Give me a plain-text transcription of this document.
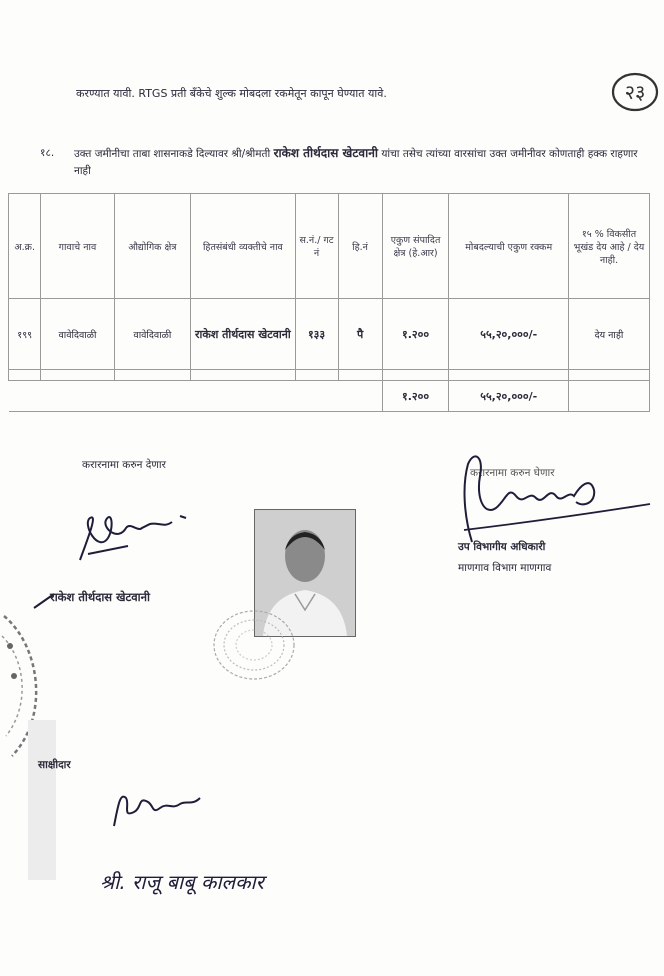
करण्यात यावी. RTGS प्रती बँकेचे शुल्क मोबदला रकमेतून कापून घेण्यात यावे.	२३
१८. उक्त जमीनीचा ताबा शासनाकडे दिल्यावर श्री/श्रीमती राकेश तीर्थदास खेटवानी यांचा तसेच त्यांच्या वारसांचा उक्त जमीनीवर कोणताही हक्क राहणार नाही
अ.क्र.	गावाचे नाव	औद्योगिक क्षेत्र	हितसंबंधी व्यक्तीचे नाव	स.नं./ गट नं	हि.नं	एकुण संपादित क्षेत्र (हे.आर)	मोबदल्याची एकुण रक्कम	१५ % विकसीत भूखंड देय आहे / देय नाही.
१९९	वावेदिवाळी	वावेदिवाळी	राकेश तीर्थदास खेटवानी	१३३	पै	१.२००	५५,२०,०००/-	देय नाही

						१.२००	५५,२०,०००/-	
करारनामा करुन देणार
राकेश तीर्थदास खेटवानी
करारनामा करुन घेणार
उप विभागीय अधिकारी
माणगाव विभाग माणगाव
साक्षीदार
श्री. राजू बाबू कालकार
